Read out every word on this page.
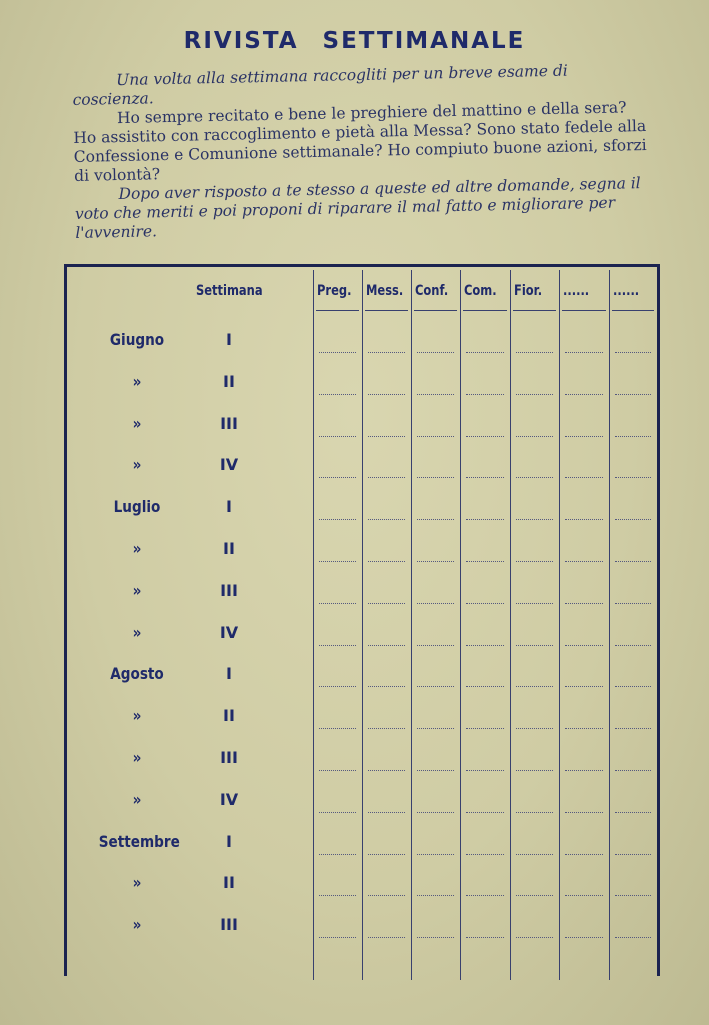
RIVISTA SETTIMANALE

Una volta alla settimana raccogliti per un breve esame di coscienza.

Ho sempre recitato e bene le preghiere del mattino e della sera? Ho assistito con raccoglimento e pietà alla Messa? Sono stato fedele alla Confessione e Comunione settimanale? Ho compiuto buone azioni, sforzi di volontà?

Dopo aver risposto a te stesso a queste ed altre domande, segna il voto che meriti e poi proponi di riparare il mal fatto e migliorare per l'avvenire.

Settimana	Preg. Mess. Conf. Com. Fior. ...... ......
Giugno	I
»	II
»	III
»	IV
Luglio	I
»	II
»	III
»	IV
Agosto	I
»	II
»	III
»	IV
Settembre	I
»	II
»	III
